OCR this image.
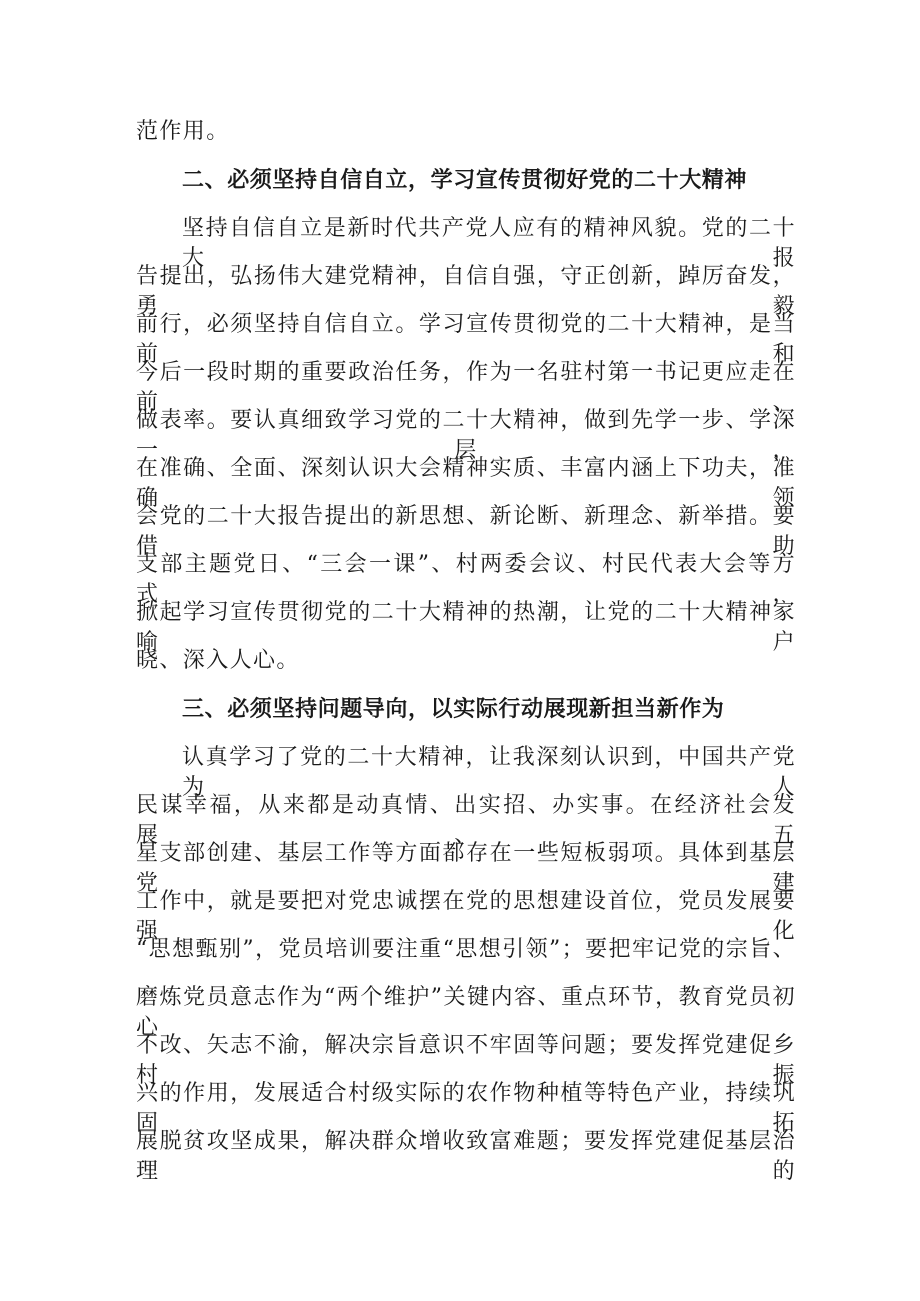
范作用。
二、必须坚持自信自立，学习宣传贯彻好党的二十大精神
坚持自信自立是新时代共产党人应有的精神风貌。党的二十大报
告提出，弘扬伟大建党精神，自信自强，守正创新，踔厉奋发，勇毅
前行，必须坚持自信自立。学习宣传贯彻党的二十大精神，是当前和
今后一段时期的重要政治任务，作为一名驻村第一书记更应走在前、
做表率。要认真细致学习党的二十大精神，做到先学一步、学深一层，
在准确、全面、深刻认识大会精神实质、丰富内涵上下功夫，准确领
会党的二十大报告提出的新思想、新论断、新理念、新举措。要借助
支部主题党日、“三会一课”、村两委会议、村民代表大会等方式，
掀起学习宣传贯彻党的二十大精神的热潮，让党的二十大精神家喻户
晓、深入人心。
三、必须坚持问题导向，以实际行动展现新担当新作为
认真学习了党的二十大精神，让我深刻认识到，中国共产党为人
民谋幸福，从来都是动真情、出实招、办实事。在经济社会发展、五
星支部创建、基层工作等方面都存在一些短板弱项。具体到基层党建
工作中，就是要把对党忠诚摆在党的思想建设首位，党员发展要强化
“思想甄别”，党员培训要注重“思想引领”；要把牢记党的宗旨、
磨炼党员意志作为“两个维护”关键内容、重点环节，教育党员初心
不改、矢志不渝，解决宗旨意识不牢固等问题；要发挥党建促乡村振
兴的作用，发展适合村级实际的农作物种植等特色产业，持续巩固拓
展脱贫攻坚成果，解决群众增收致富难题；要发挥党建促基层治理的
